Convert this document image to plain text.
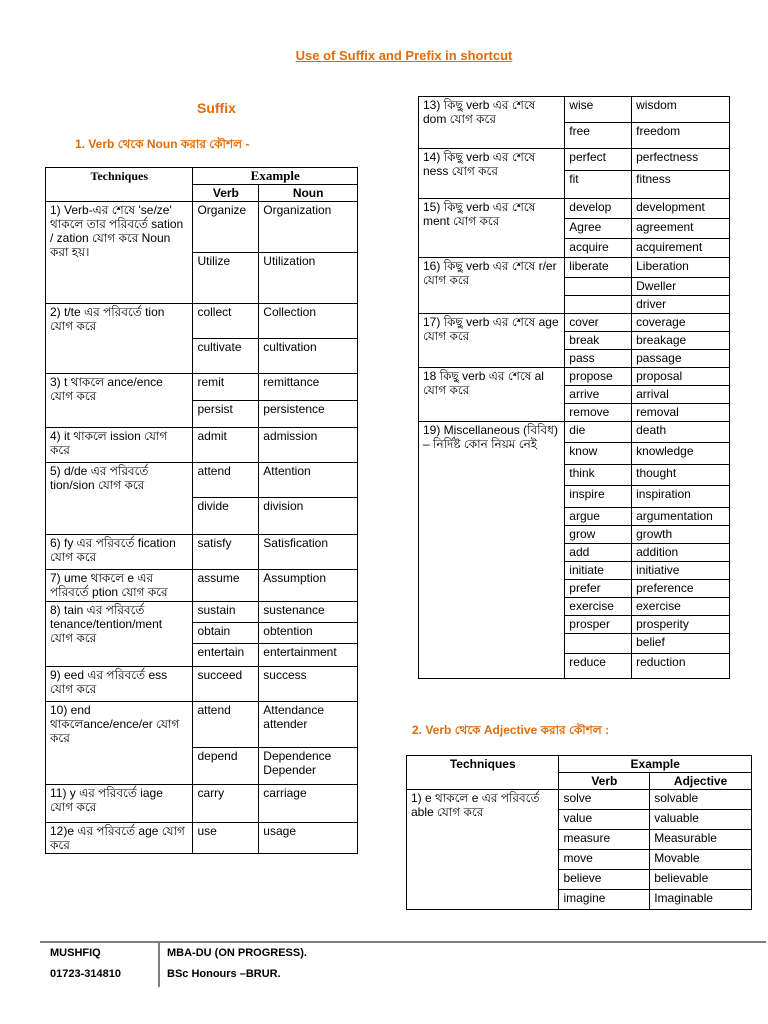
Use of Suffix and Prefix in shortcut
Suffix
1. Verb থেকে Noun করার কৌশল -
2. Verb থেকে Adjective করার কৌশল :
Techniques	Example	
	Verb	Noun
1) Verb-এর শেষে 'se/ze' থাকলে তার পরিবর্তে sation / zation যোগ করে Noun করা হয়।	Organize	Organization
	Utilize	Utilization
2) t/te এর পরিবর্তে tion যোগ করে	collect	Collection
	cultivate	cultivation
3) t থাকলে ance/ence যোগ করে	remit	remittance
	persist	persistence
4) it থাকলে ission যোগ করে	admit	admission
5) d/de এর পরিবর্তে tion/sion যোগ করে	attend	Attention
	divide	division
6) fy এর পরিবর্তে fication যোগ করে	satisfy	Satisfication
7) ume থাকলে e এর পরিবর্তে ption যোগ করে	assume	Assumption
8) tain এর পরিবর্তে tenance/tention/ment যোগ করে	sustain	sustenance
	obtain	obtention
	entertain	entertainment
9) eed এর পরিবর্তে ess যোগ করে	succeed	success
10) end থাকলেance/ence/er যোগ করে	attend	Attendance
attender
	depend	Dependence
Depender
11) y এর পরিবর্তে iage যোগ করে	carry	carriage
12)e এর পরিবর্তে age যোগ করে	use	usage
13) কিছু verb এর শেষে dom যোগ করে	wise	wisdom
	free	freedom
14) কিছু verb এর শেষে ness যোগ করে	perfect	perfectness
	fit	fitness
15) কিছু verb এর শেষে ment যোগ করে	develop	development
	Agree	agreement
	acquire	acquirement
16) কিছু verb এর শেষে r/er যোগ করে	liberate	Liberation
		Dweller
		driver
17) কিছু verb এর শেষে age যোগ করে	cover	coverage
	break	breakage
	pass	passage
18 কিছু verb এর শেষে al যোগ করে	propose	proposal
	arrive	arrival
	remove	removal
19) Miscellaneous (বিবিধ) – নির্দিষ্ট কোন নিয়ম নেই	die	death
	know	knowledge
	think	thought
	inspire	inspiration
	argue	argumentation
	grow	growth
	add	addition
	initiate	initiative
	prefer	preference
	exercise	exercise
	prosper	prosperity
		belief
	reduce	reduction
Techniques	Example	
	Verb	Adjective
1) e থাকলে e এর পরিবর্তে able যোগ করে	solve	solvable
	value	valuable
	measure	Measurable
	move	Movable
	believe	believable
	imagine	Imaginable
MUSHFIQ
01723-314810
MBA-DU (ON PROGRESS).
BSc Honours –BRUR.
